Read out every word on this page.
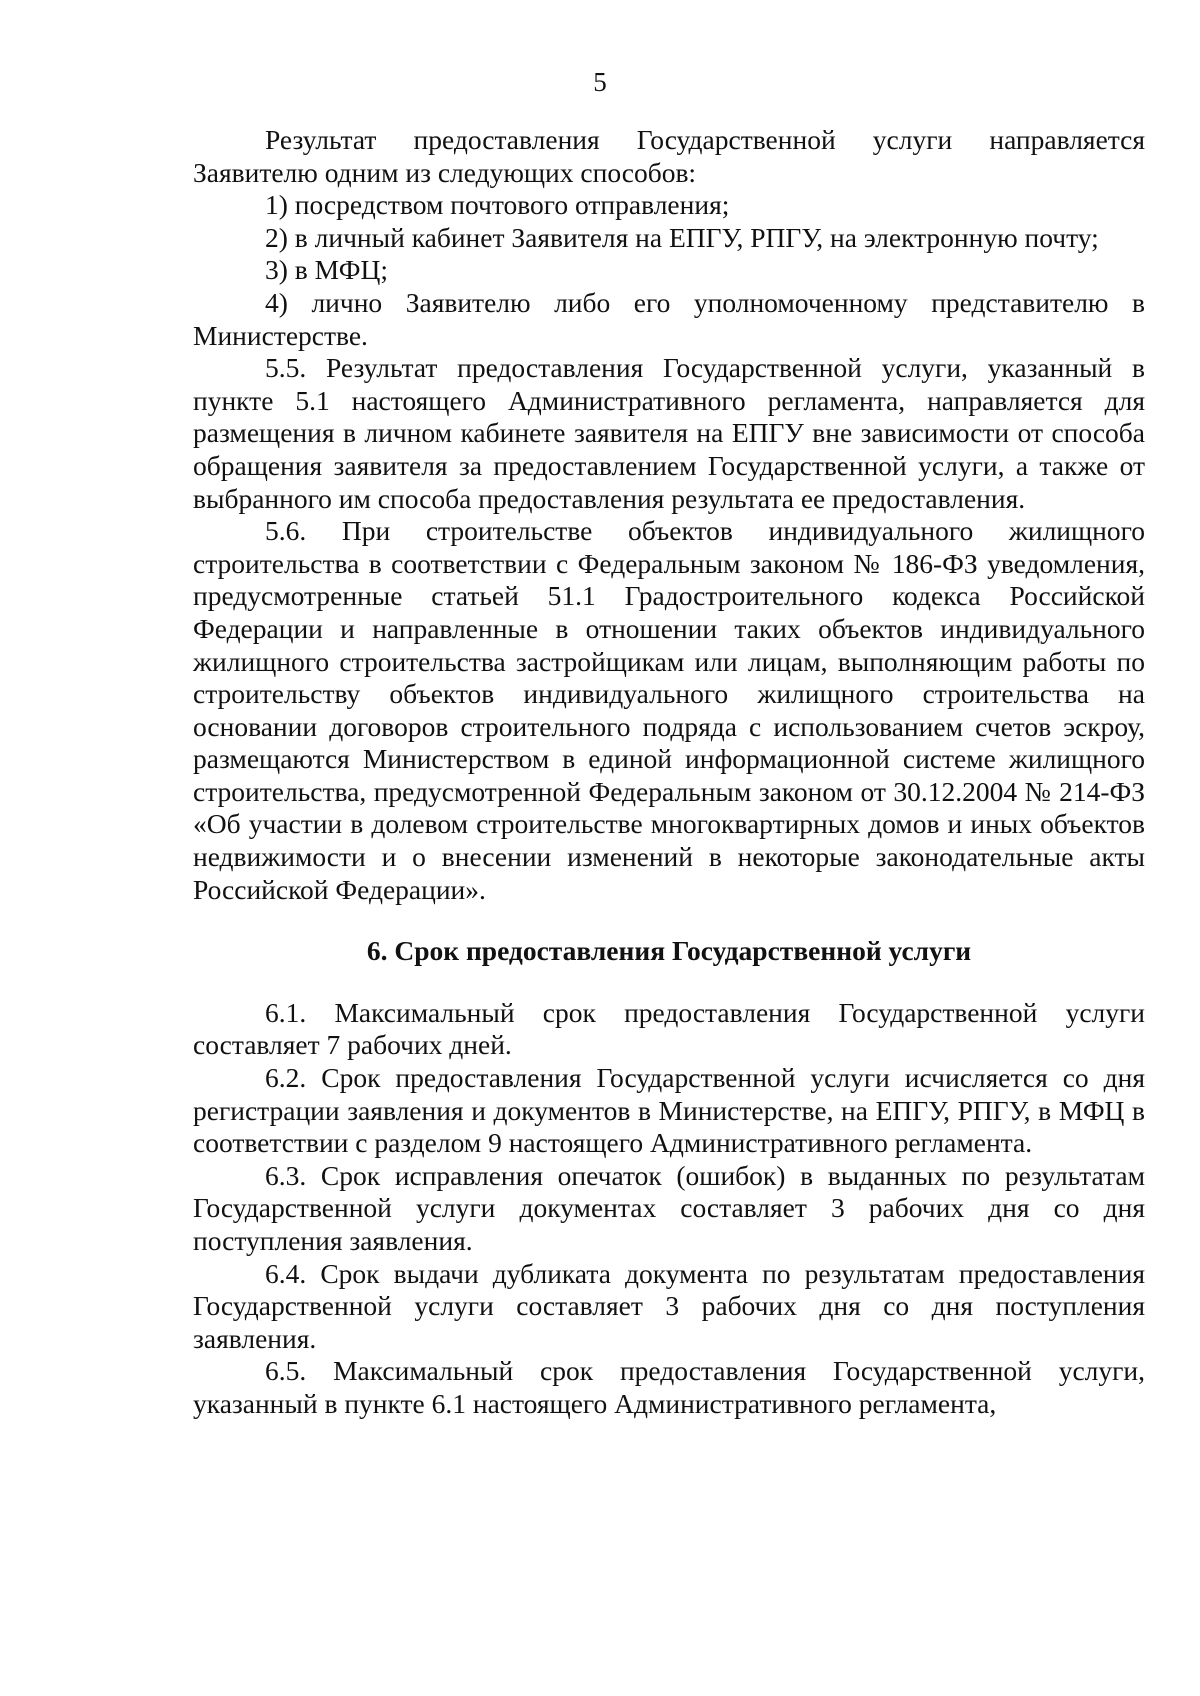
5

Результат предоставления Государственной услуги направляется Заявителю одним из следующих способов:

1) посредством почтового отправления;

2) в личный кабинет Заявителя на ЕПГУ, РПГУ, на электронную почту;

3) в МФЦ;

4) лично Заявителю либо его уполномоченному представителю в Министерстве.

5.5. Результат предоставления Государственной услуги, указанный в пункте 5.1 настоящего Административного регламента, направляется для размещения в личном кабинете заявителя на ЕПГУ вне зависимости от способа обращения заявителя за предоставлением Государственной услуги, а также от выбранного им способа предоставления результата ее предоставления.

5.6. При строительстве объектов индивидуального жилищного строительства в соответствии с Федеральным законом № 186-ФЗ уведомления, предусмотренные статьей 51.1 Градостроительного кодекса Российской Федерации и направленные в отношении таких объектов индивидуального жилищного строительства застройщикам или лицам, выполняющим работы по строительству объектов индивидуального жилищного строительства на основании договоров строительного подряда с использованием счетов эскроу, размещаются Министерством в единой информационной системе жилищного строительства, предусмотренной Федеральным законом от 30.12.2004 № 214-ФЗ «Об участии в долевом строительстве многоквартирных домов и иных объектов недвижимости и о внесении изменений в некоторые законодательные акты Российской Федерации».

6. Срок предоставления Государственной услуги

6.1. Максимальный срок предоставления Государственной услуги составляет 7 рабочих дней.

6.2. Срок предоставления Государственной услуги исчисляется со дня регистрации заявления и документов в Министерстве, на ЕПГУ, РПГУ, в МФЦ в соответствии с разделом 9 настоящего Административного регламента.

6.3. Срок исправления опечаток (ошибок) в выданных по результатам Государственной услуги документах составляет 3 рабочих дня со дня поступления заявления.

6.4. Срок выдачи дубликата документа по результатам предоставления Государственной услуги составляет 3 рабочих дня со дня поступления заявления.

6.5. Максимальный срок предоставления Государственной услуги, указанный в пункте 6.1 настоящего Административного регламента,
